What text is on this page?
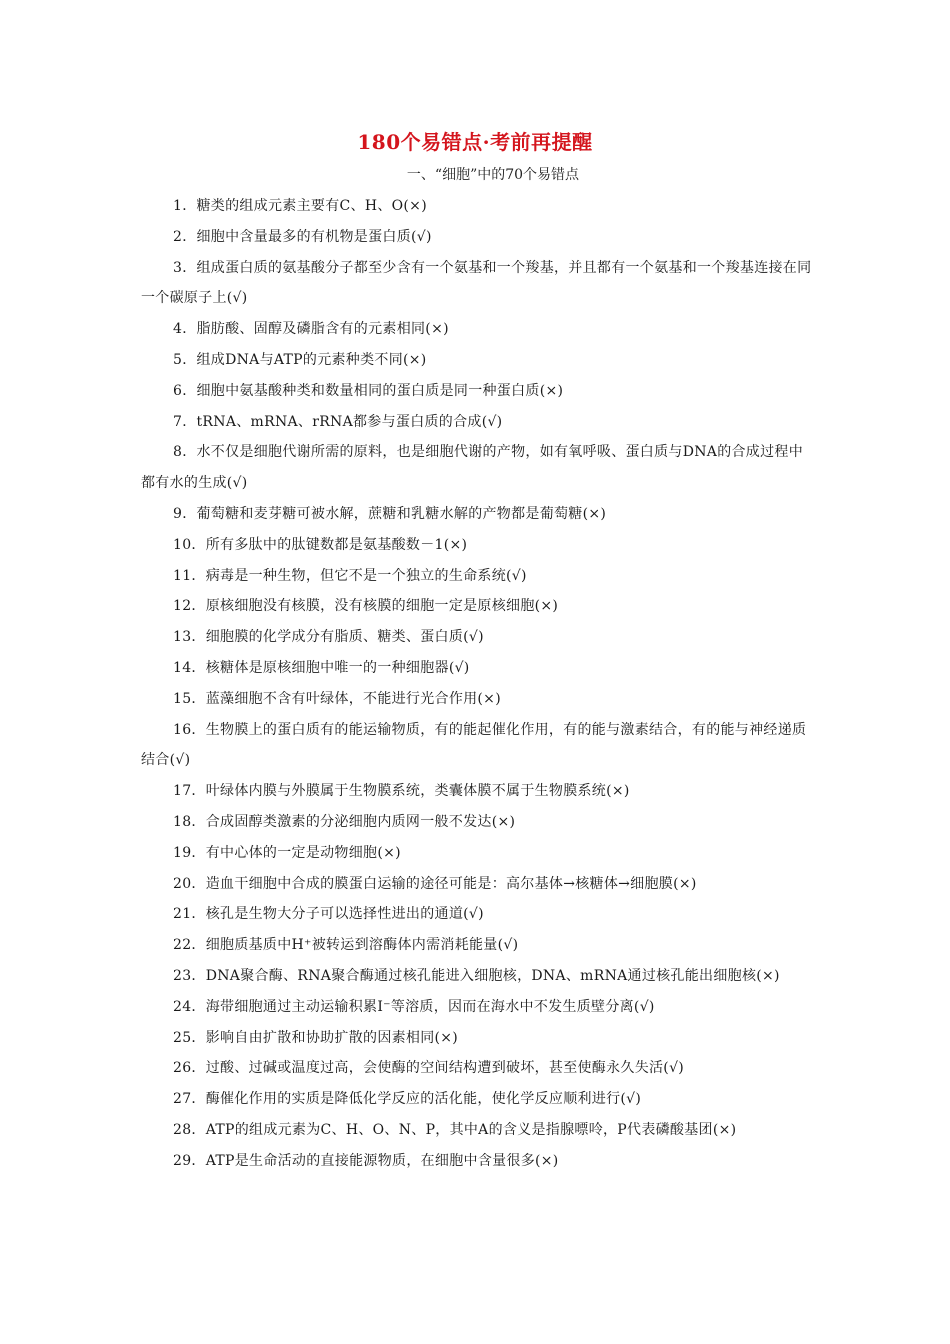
180个易错点·考前再提醒
一、“细胞”中的70个易错点

1．糖类的组成元素主要有C、H、O(×)

2．细胞中含量最多的有机物是蛋白质(√)

3．组成蛋白质的氨基酸分子都至少含有一个氨基和一个羧基，并且都有一个氨基和一个羧基连接在同一个碳原子上(√)

4．脂肪酸、固醇及磷脂含有的元素相同(×)

5．组成DNA与ATP的元素种类不同(×)

6．细胞中氨基酸种类和数量相同的蛋白质是同一种蛋白质(×)

7．tRNA、mRNA、rRNA都参与蛋白质的合成(√)

8．水不仅是细胞代谢所需的原料，也是细胞代谢的产物，如有氧呼吸、蛋白质与DNA的合成过程中都有水的生成(√)

9．葡萄糖和麦芽糖可被水解，蔗糖和乳糖水解的产物都是葡萄糖(×)

10．所有多肽中的肽键数都是氨基酸数－1(×)

11．病毒是一种生物，但它不是一个独立的生命系统(√)

12．原核细胞没有核膜，没有核膜的细胞一定是原核细胞(×)

13．细胞膜的化学成分有脂质、糖类、蛋白质(√)

14．核糖体是原核细胞中唯一的一种细胞器(√)

15．蓝藻细胞不含有叶绿体，不能进行光合作用(×)

16．生物膜上的蛋白质有的能运输物质，有的能起催化作用，有的能与激素结合，有的能与神经递质结合(√)

17．叶绿体内膜与外膜属于生物膜系统，类囊体膜不属于生物膜系统(×)

18．合成固醇类激素的分泌细胞内质网一般不发达(×)

19．有中心体的一定是动物细胞(×)

20．造血干细胞中合成的膜蛋白运输的途径可能是：高尔基体→核糖体→细胞膜(×)

21．核孔是生物大分子可以选择性进出的通道(√)

22．细胞质基质中H⁺被转运到溶酶体内需消耗能量(√)

23．DNA聚合酶、RNA聚合酶通过核孔能进入细胞核，DNA、mRNA通过核孔能出细胞核(×)

24．海带细胞通过主动运输积累I⁻等溶质，因而在海水中不发生质壁分离(√)

25．影响自由扩散和协助扩散的因素相同(×)

26．过酸、过碱或温度过高，会使酶的空间结构遭到破坏，甚至使酶永久失活(√)

27．酶催化作用的实质是降低化学反应的活化能，使化学反应顺利进行(√)

28．ATP的组成元素为C、H、O、N、P，其中A的含义是指腺嘌呤，P代表磷酸基团(×)

29．ATP是生命活动的直接能源物质，在细胞中含量很多(×)
